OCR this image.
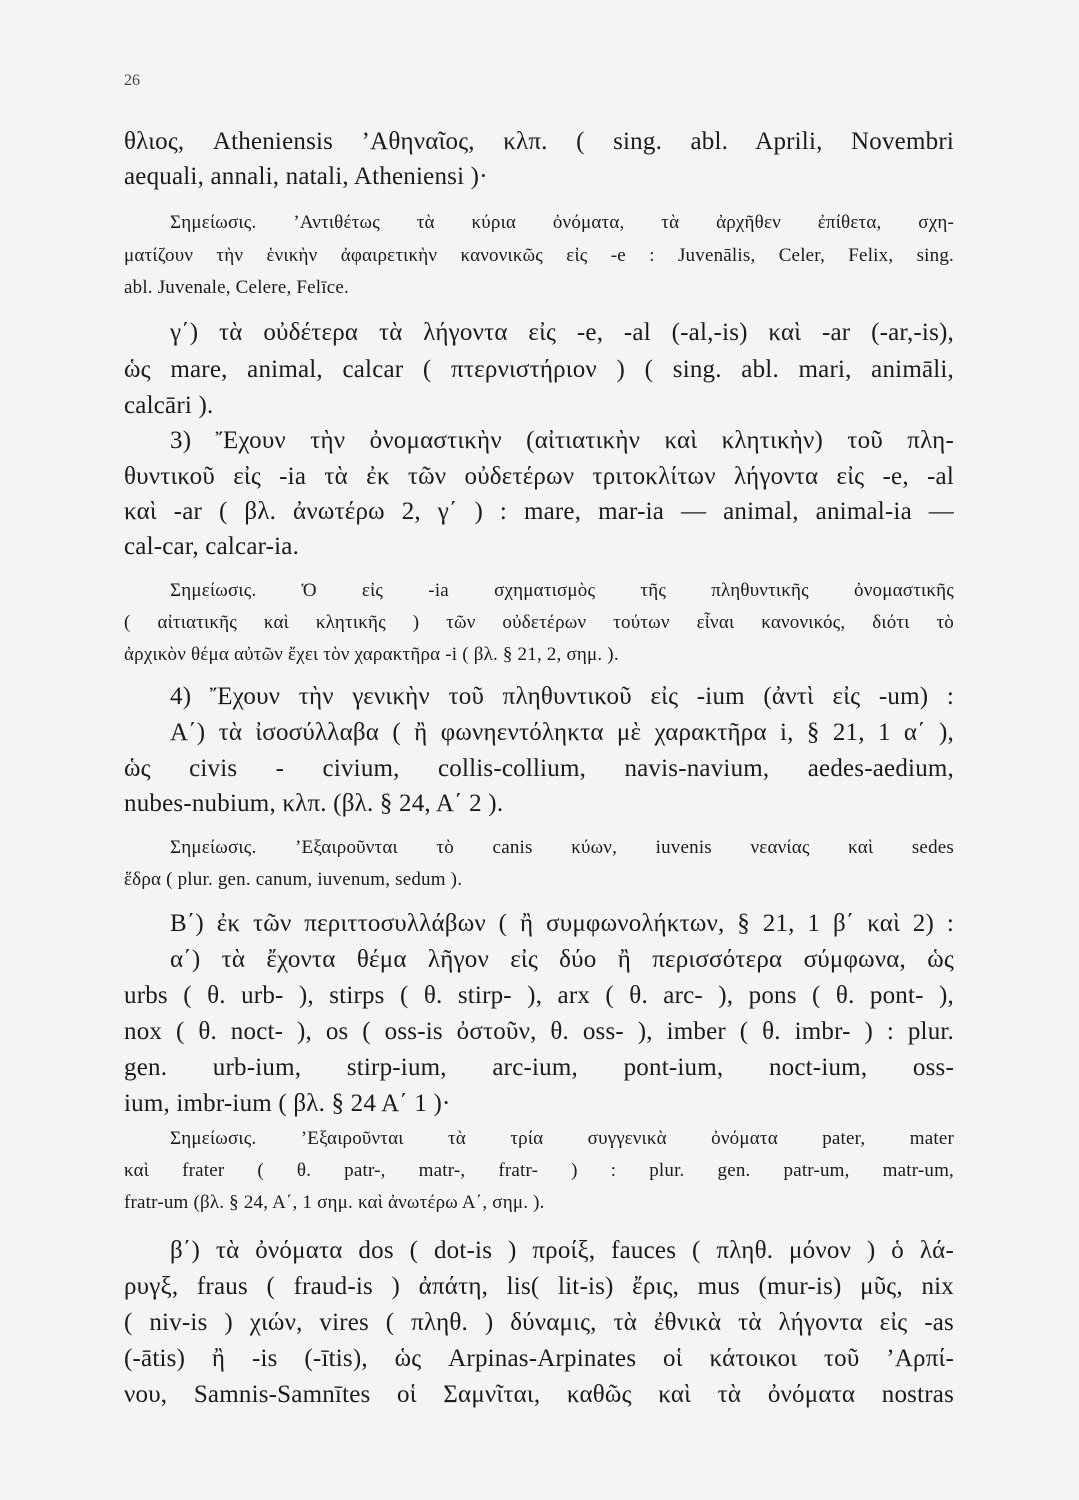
26
θλιος, Atheniensis ’Αθηναῖος, κλπ. ( sing. abl. Aprili, Novembri
aequali, annali, natali, Atheniensi )·
Σημείωσις. ’Αντιθέτως τὰ κύρια ὀνόματα, τὰ ἀρχῆθεν ἐπίθετα, σχη-
ματίζουν τὴν ἑνικὴν ἀφαιρετικὴν κανονικῶς εἰς -e : Juvenālis, Celer, Felix, sing.
abl. Juvenale, Celere, Felīce.
γ΄) τὰ οὐδέτερα τὰ λήγοντα εἰς -e, -al (-al,-is) καὶ -ar (-ar,-is),
ὡς mare, animal, calcar ( πτερνιστήριον ) ( sing. abl. mari, animāli,
calcāri ).
3) Ἔχουν τὴν ὀνομαστικὴν (αἰτιατικὴν καὶ κλητικὴν) τοῦ πλη-
θυντικοῦ εἰς -ia τὰ ἐκ τῶν οὐδετέρων τριτοκλίτων λήγοντα εἰς -e, -al
καὶ -ar ( βλ. ἀνωτέρω 2, γ΄ ) : mare, mar-ia — animal, animal-ia —
cal-car, calcar-ia.
Σημείωσις. Ὁ εἰς -ia σχηματισμὸς τῆς πληθυντικῆς ὀνομαστικῆς
( αἰτιατικῆς καὶ κλητικῆς ) τῶν οὐδετέρων τούτων εἶναι κανονικός, διότι τὸ
ἀρχικὸν θέμα αὐτῶν ἔχει τὸν χαρακτῆρα -i ( βλ. § 21, 2, σημ. ).
4) Ἔχουν τὴν γενικὴν τοῦ πληθυντικοῦ εἰς -ium (ἀντὶ εἰς -um) :
Α΄) τὰ ἰσοσύλλαβα ( ἢ φωνηεντόληκτα μὲ χαρακτῆρα i, § 21, 1 α΄ ),
ὡς civis - civium, collis-collium, navis-navium, aedes-aedium,
nubes-nubium, κλπ. (βλ. § 24, Α΄ 2 ).
Σημείωσις. ’Εξαιροῦνται τὸ canis κύων, iuvenis νεανίας καὶ sedes
ἕδρα ( plur. gen. canum, iuvenum, sedum ).
Β΄) ἐκ τῶν περιττοσυλλάβων ( ἢ συμφωνολήκτων, § 21, 1 β΄ καὶ 2) :
α΄) τὰ ἔχοντα θέμα λῆγον εἰς δύο ἢ περισσότερα σύμφωνα, ὡς
urbs ( θ. urb- ), stirps ( θ. stirp- ), arx ( θ. arc- ), pons ( θ. pont- ),
nox ( θ. noct- ), os ( oss-is ὀστοῦν, θ. oss- ), imber ( θ. imbr- ) : plur.
gen. urb-ium, stirp-ium, arc-ium, pont-ium, noct-ium, oss-
ium, imbr-ium ( βλ. § 24 Α΄ 1 )·
Σημείωσις. ’Εξαιροῦνται τὰ τρία συγγενικὰ ὀνόματα pater, mater
καὶ frater ( θ. patr-, matr-, fratr- ) : plur. gen. patr-um, matr-um,
fratr-um (βλ. § 24, Α΄, 1 σημ. καὶ ἀνωτέρω Α΄, σημ. ).
β΄) τὰ ὀνόματα dos ( dot-is ) προίξ, fauces ( πληθ. μόνον ) ὁ λά-
ρυγξ, fraus ( fraud-is ) ἀπάτη, lis( lit-is) ἔρις, mus (mur-is) μῦς, nix
( niv-is ) χιών, vires ( πληθ. ) δύναμις, τὰ ἐθνικὰ τὰ λήγοντα εἰς -as
(-ātis) ἢ -is (-ītis), ὡς Arpinas-Arpinates οἱ κάτοικοι τοῦ ’Αρπί-
νου, Samnis-Samnītes οἱ Σαμνῖται, καθῶς καὶ τὰ ὀνόματα nostras
